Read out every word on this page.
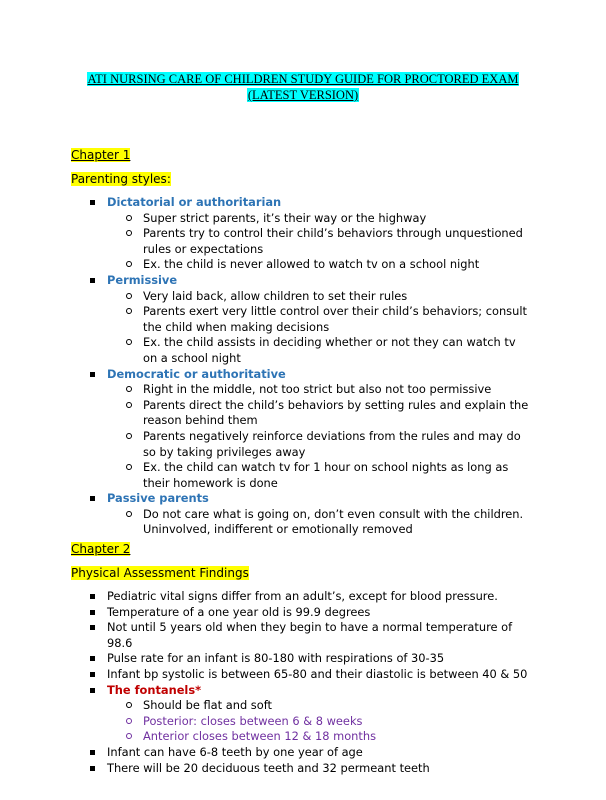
ATI NURSING CARE OF CHILDREN STUDY GUIDE FOR PROCTORED EXAM
(LATEST VERSION)
Chapter 1
Parenting styles:
Dictatorial or authoritarian
Super strict parents, it’s their way or the highway
Parents try to control their child’s behaviors through unquestioned rules or expectations
Ex. the child is never allowed to watch tv on a school night
Permissive
Very laid back, allow children to set their rules
Parents exert very little control over their child’s behaviors; consult the child when making decisions
Ex. the child assists in deciding whether or not they can watch tv on a school night
Democratic or authoritative
Right in the middle, not too strict but also not too permissive
Parents direct the child’s behaviors by setting rules and explain the reason behind them
Parents negatively reinforce deviations from the rules and may do so by taking privileges away
Ex. the child can watch tv for 1 hour on school nights as long as their homework is done
Passive parents
Do not care what is going on, don’t even consult with the children. Uninvolved, indifferent or emotionally removed
Chapter 2
Physical Assessment Findings
Pediatric vital signs differ from an adult’s, except for blood pressure.
Temperature of a one year old is 99.9 degrees
Not until 5 years old when they begin to have a normal temperature of 98.6
Pulse rate for an infant is 80-180 with respirations of 30-35
Infant bp systolic is between 65-80 and their diastolic is between 40 & 50
The fontanels*
Should be flat and soft
Posterior: closes between 6 & 8 weeks
Anterior closes between 12 & 18 months
Infant can have 6-8 teeth by one year of age
There will be 20 deciduous teeth and 32 permeant teeth
